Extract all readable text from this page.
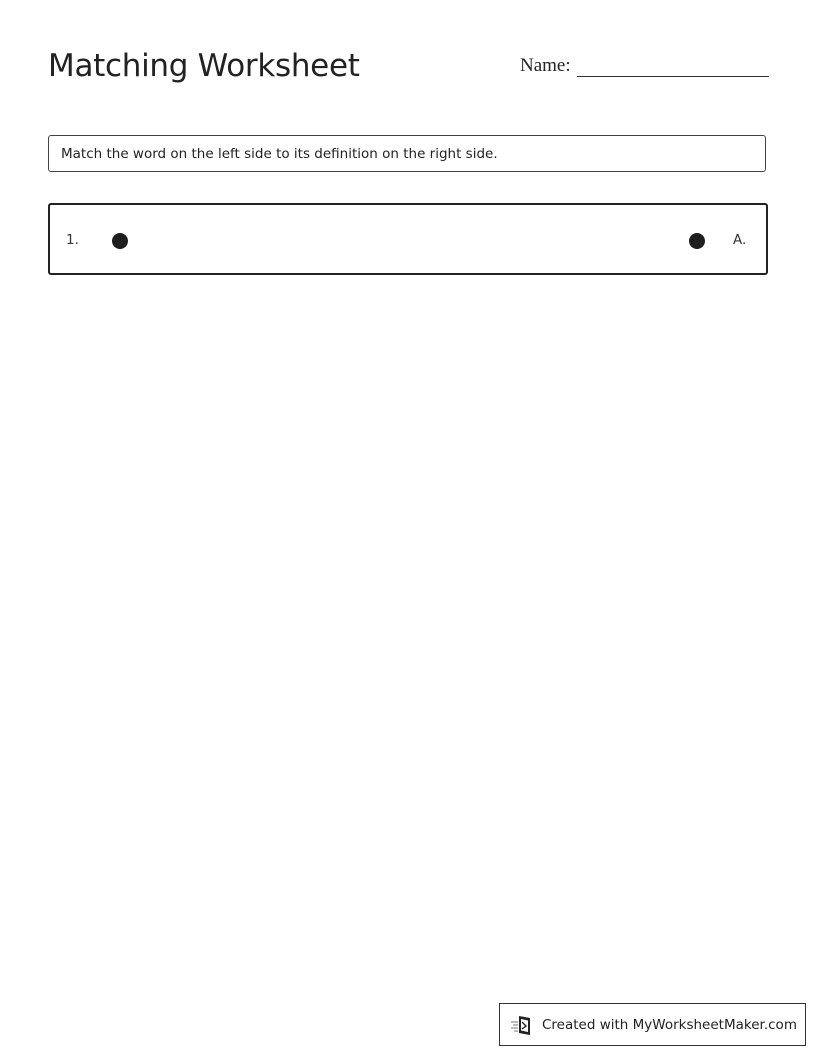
Matching Worksheet	Name:
Match the word on the left side to its definition on the right side.
1.	A.
Created with MyWorksheetMaker.com
